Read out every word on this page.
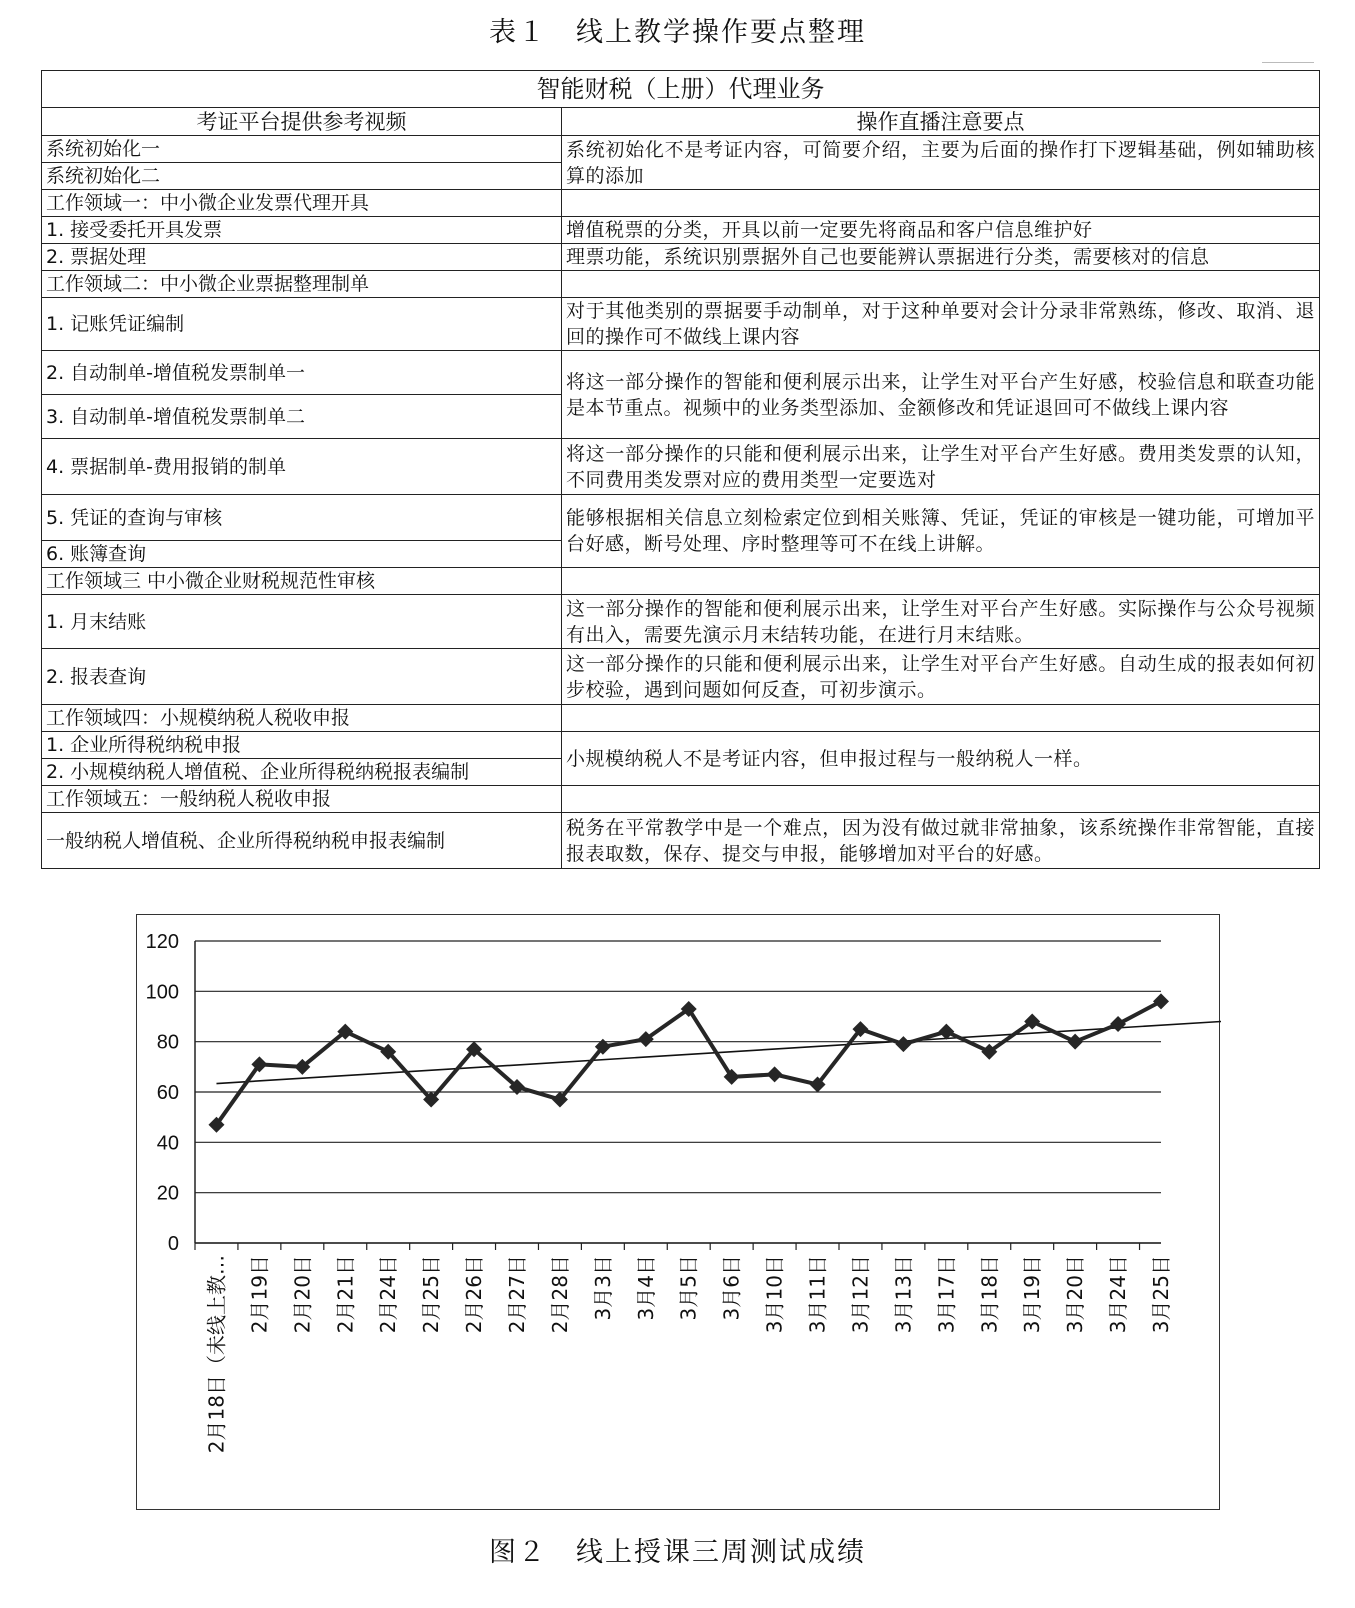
表１　线上教学操作要点整理
智能财税（上册）代理业务	
考证平台提供参考视频	操作直播注意要点
系统初始化一	系统初始化不是考证内容，可简要介绍，主要为后面的操作打下逻辑基础，例如辅助核算的添加
系统初始化二	
工作领域一：中小微企业发票代理开具	
1. 接受委托开具发票	增值税票的分类，开具以前一定要先将商品和客户信息维护好
2. 票据处理	理票功能，系统识别票据外自己也要能辨认票据进行分类，需要核对的信息
工作领域二：中小微企业票据整理制单	
1. 记账凭证编制	对于其他类别的票据要手动制单，对于这种单要对会计分录非常熟练，修改、取消、退回的操作可不做线上课内容
2. 自动制单-增值税发票制单一	将这一部分操作的智能和便利展示出来，让学生对平台产生好感，校验信息和联查功能是本节重点。视频中的业务类型添加、金额修改和凭证退回可不做线上课内容
3. 自动制单-增值税发票制单二	
4. 票据制单-费用报销的制单	将这一部分操作的只能和便利展示出来，让学生对平台产生好感。费用类发票的认知，不同费用类发票对应的费用类型一定要选对
5. 凭证的查询与审核	能够根据相关信息立刻检索定位到相关账簿、凭证，凭证的审核是一键功能，可增加平台好感，断号处理、序时整理等可不在线上讲解。
6. 账簿查询	
工作领域三 中小微企业财税规范性审核	
1. 月末结账	这一部分操作的智能和便利展示出来，让学生对平台产生好感。实际操作与公众号视频有出入，需要先演示月末结转功能，在进行月末结账。
2. 报表查询	这一部分操作的只能和便利展示出来，让学生对平台产生好感。自动生成的报表如何初步校验，遇到问题如何反查，可初步演示。
工作领域四：小规模纳税人税收申报	
1. 企业所得税纳税申报	小规模纳税人不是考证内容，但申报过程与一般纳税人一样。
2. 小规模纳税人增值税、企业所得税纳税报表编制	
工作领域五：一般纳税人税收申报	
一般纳税人增值税、企业所得税纳税申报表编制	税务在平常教学中是一个难点，因为没有做过就非常抽象，该系统操作非常智能，直接报表取数，保存、提交与申报，能够增加对平台的好感。
0
20
40
60
80
100
120
2月18日（未线上教… 2月19日 2月20日 2月21日 2月24日 2月25日 2月26日 2月27日 2月28日 3月3日 3月4日 3月5日 3月6日 3月10日 3月11日 3月12日 3月13日 3月17日 3月18日 3月19日 3月20日 3月24日 3月25日
图２　线上授课三周测试成绩
